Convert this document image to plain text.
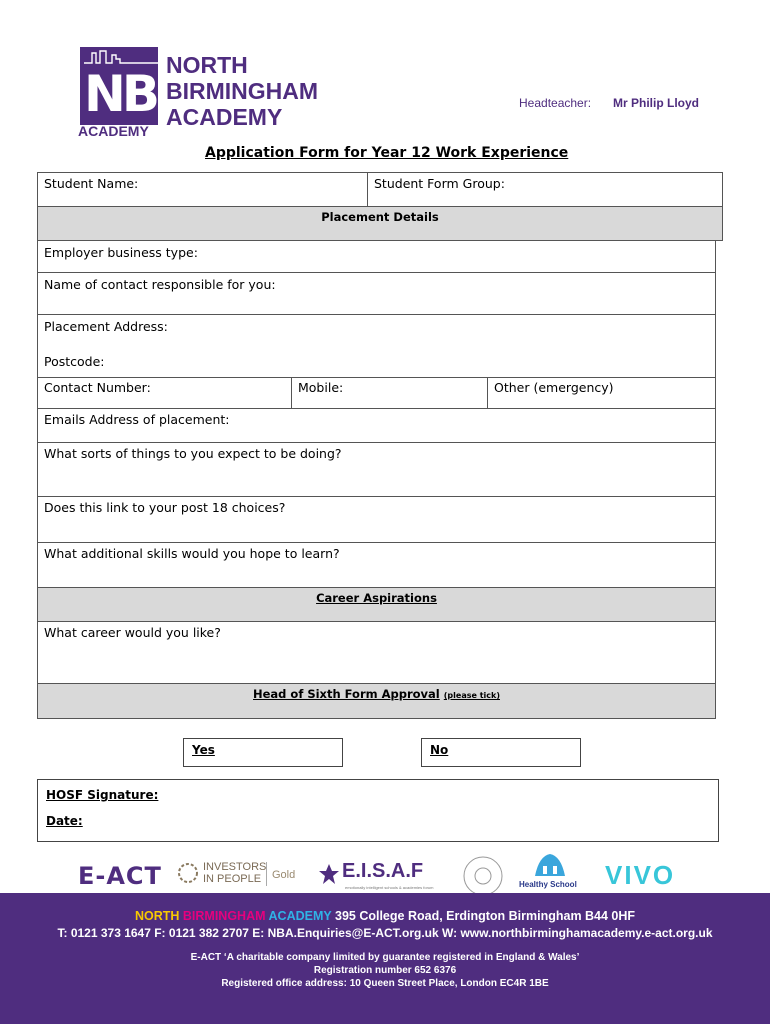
NB
ACADEMY
NORTH
BIRMINGHAM
ACADEMY
Headteacher: Mr Philip Lloyd
Application Form for Year 12 Work Experience
Student Name:	Student Form Group:
Placement Details
Employer business type:
Name of contact responsible for you:
Placement Address:
Postcode:
Contact Number:	Mobile:	Other (emergency)
Emails Address of placement:
What sorts of things to you expect to be doing?
Does this link to your post 18 choices?
What additional skills would you hope to learn?
Career Aspirations
What career would you like?
Head of Sixth Form Approval (please tick)
Yes	No
HOSF Signature:
Date:
E-ACT	INVESTORS
IN PEOPLE Gold E.I.S.A.F
emotionally intelligent schools & academies forum	Healthy School VIVO
NORTH BIRMINGHAM ACADEMY 395 College Road, Erdington Birmingham B44 0HF
T: 0121 373 1647 F: 0121 382 2707 E: NBA.Enquiries@E-ACT.org.uk W: www.northbirminghamacademy.e-act.org.uk
E-ACT ‘A charitable company limited by guarantee registered in England & Wales’
Registration number 652 6376
Registered office address: 10 Queen Street Place, London EC4R 1BE
